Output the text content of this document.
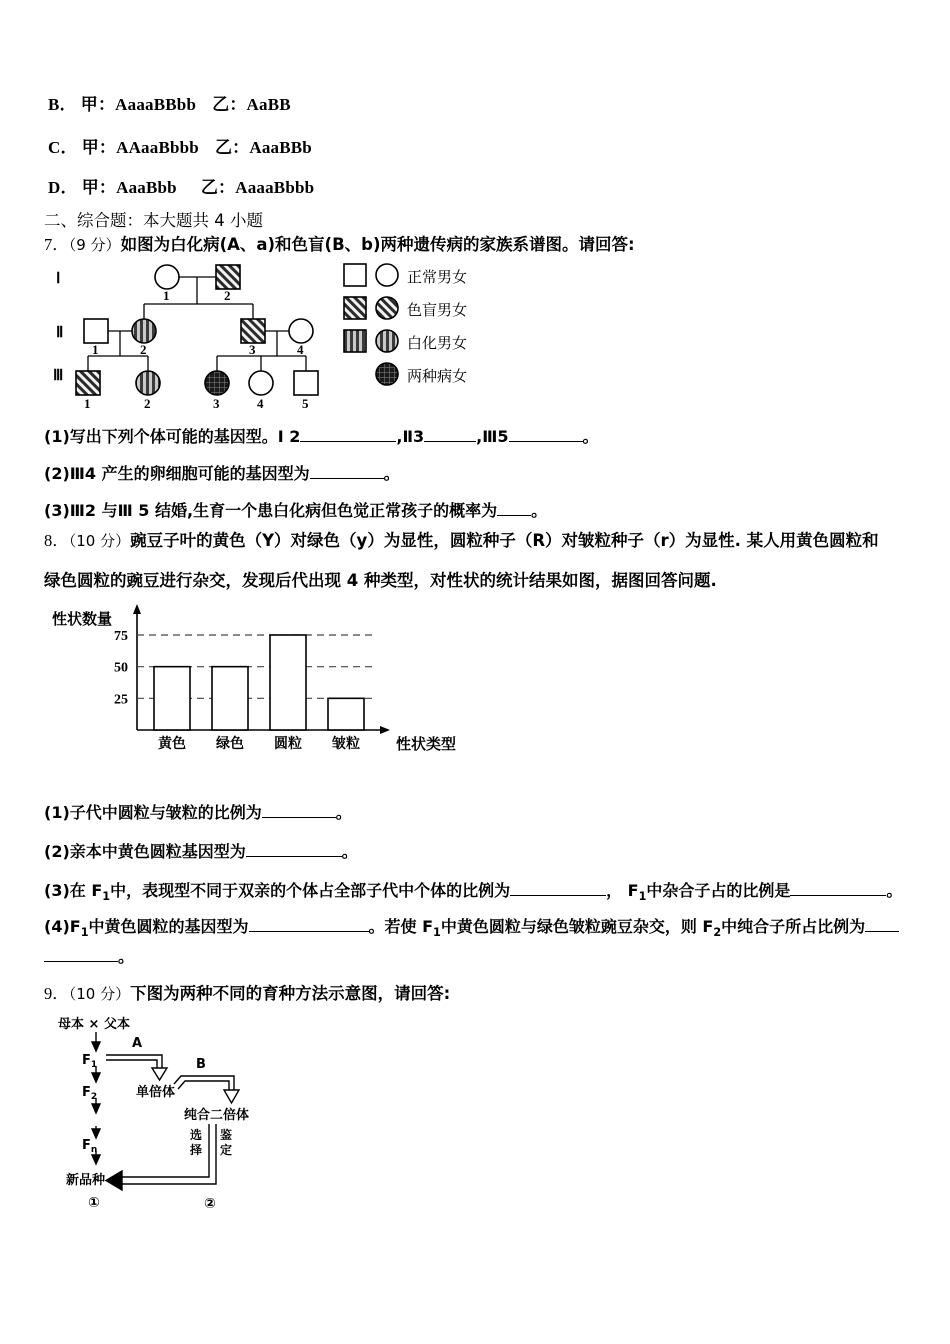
B． 甲：AaaaBBbb 乙：AaBB
C． 甲：AAaaBbbb 乙：AaaBBb
D． 甲：AaaBbb 乙：AaaaBbbb
二、综合题：本大题共 4 小题
7．（9 分）如图为白化病(A、a)和色盲(B、b)两种遗传病的家族系谱图。请回答:
Ⅰ
Ⅱ
Ⅲ
1	2
1	2	3	4
1	2	3	4	5
正常男女
色盲男女
白化男女
两种病女
(1)写出下列个体可能的基因型。Ⅰ 2	,Ⅱ3	,Ⅲ5	。
(2)Ⅲ4 产生的卵细胞可能的基因型为	。
(3)Ⅲ2 与Ⅲ 5 结婚,生育一个患白化病但色觉正常孩子的概率为 。
8．（10 分）豌豆子叶的黄色（Y）对绿色（y）为显性，圆粒种子（R）对皱粒种子（r）为显性. 某人用黄色圆粒和
绿色圆粒的豌豆进行杂交，发现后代出现 4 种类型，对性状的统计结果如图，据图回答问题.
性状数量
25
50
75
黄色 绿色 圆粒 皱粒 性状类型
(1)子代中圆粒与皱粒的比例为	。
(2)亲本中黄色圆粒基因型为	。
(3)在 $F_1$中，表现型不同于双亲的个体占全部子代中个体的比例为	， $F_1$中杂合子占的比例是	。
$(4)F_1$中黄色圆粒的基因型为	。若使 $F_1$中黄色圆粒与绿色皱粒豌豆杂交，则 $F_2$中纯合子所占比例为
。
9．（10 分）下图为两种不同的育种方法示意图，请回答:
母本 × 父本
$F_1$
$F_2$
$F_n$
新品种
①
A
单倍体
B
纯合二倍体
选
择
鉴
定
②
